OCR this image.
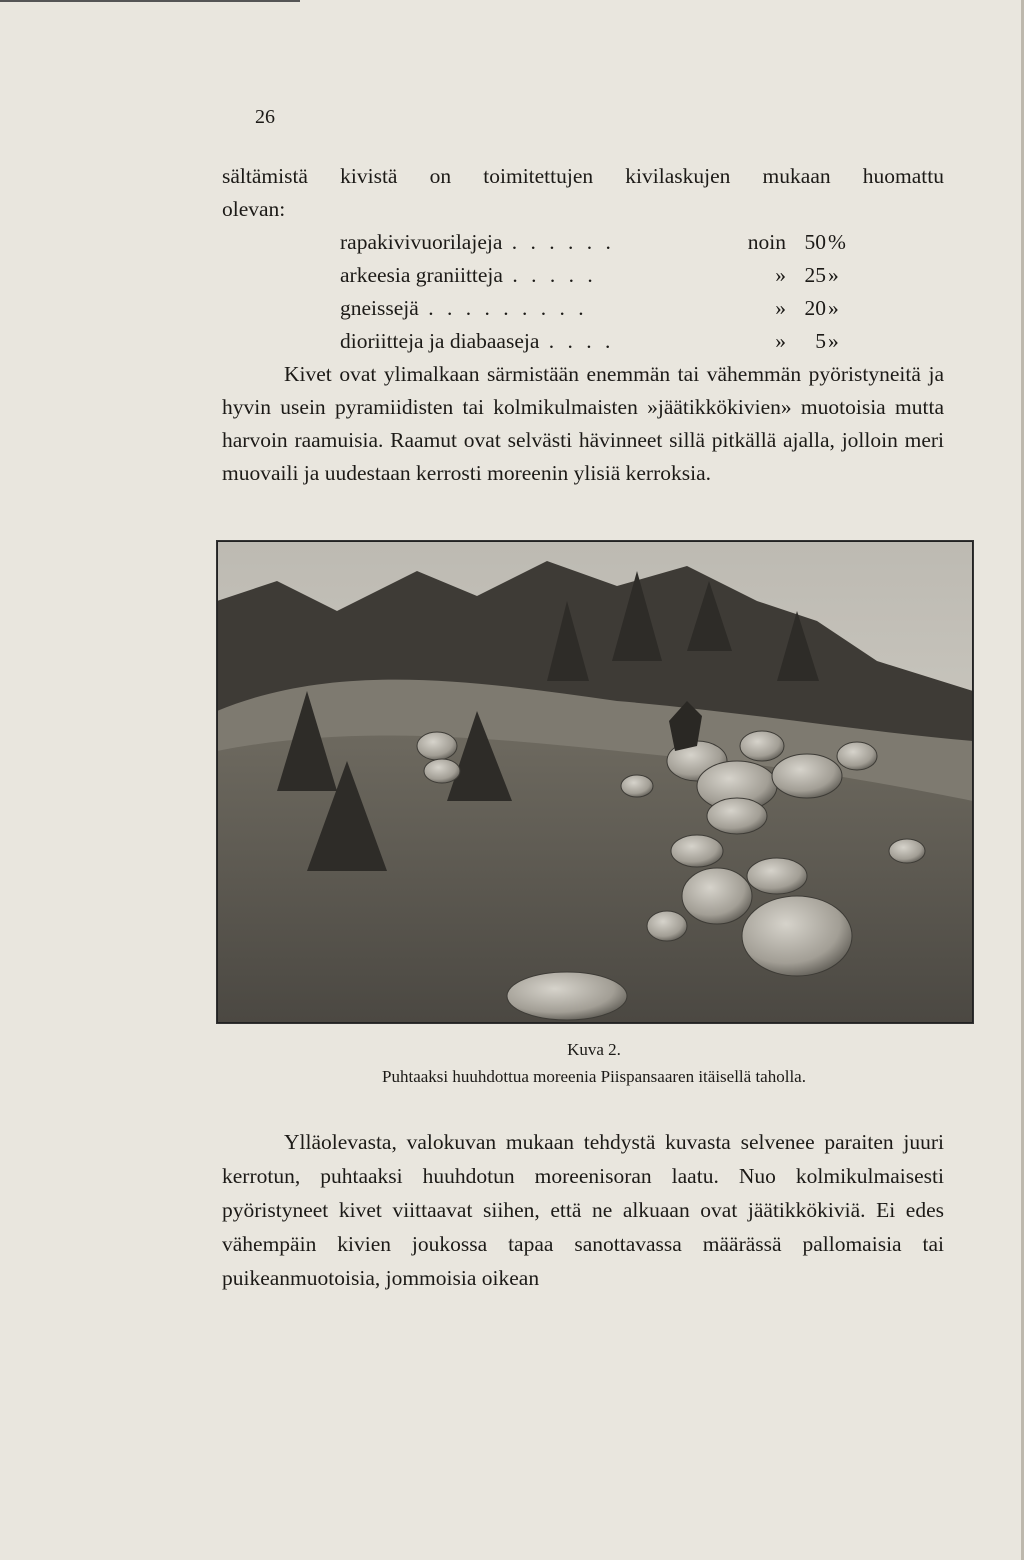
26
sältämistä kivistä on toimitettujen kivilaskujen mukaan huomattu
olevan:
rapakivivuorilajeja . . . . . .	noin 50 %
arkeesia graniitteja . . . . .	» 25 »
gneissejä . . . . . . . . .	» 20 »
dioriitteja ja diabaaseja . . . .	»	5 »
Kivet ovat ylimalkaan särmistään enemmän tai vähemmän pyöristyneitä ja hyvin usein pyramiidisten tai kolmikulmaisten »jäätikkökivien» muotoisia mutta harvoin raamuisia. Raamut ovat selvästi hävinneet sillä pitkällä ajalla, jolloin meri muovaili ja uudestaan kerrosti moreenin ylisiä kerroksia.
Kuva 2.
Puhtaaksi huuhdottua moreenia Piispansaaren itäisellä taholla.
Ylläolevasta, valokuvan mukaan tehdystä kuvasta selvenee paraiten juuri kerrotun, puhtaaksi huuhdotun moreenisoran laatu. Nuo kolmikulmaisesti pyöristyneet kivet viittaavat siihen, että ne alkuaan ovat jäätikkökiviä. Ei edes vähempäin kivien joukossa tapaa sanottavassa määrässä pallomaisia tai puikeanmuotoisia, jommoisia oikean
